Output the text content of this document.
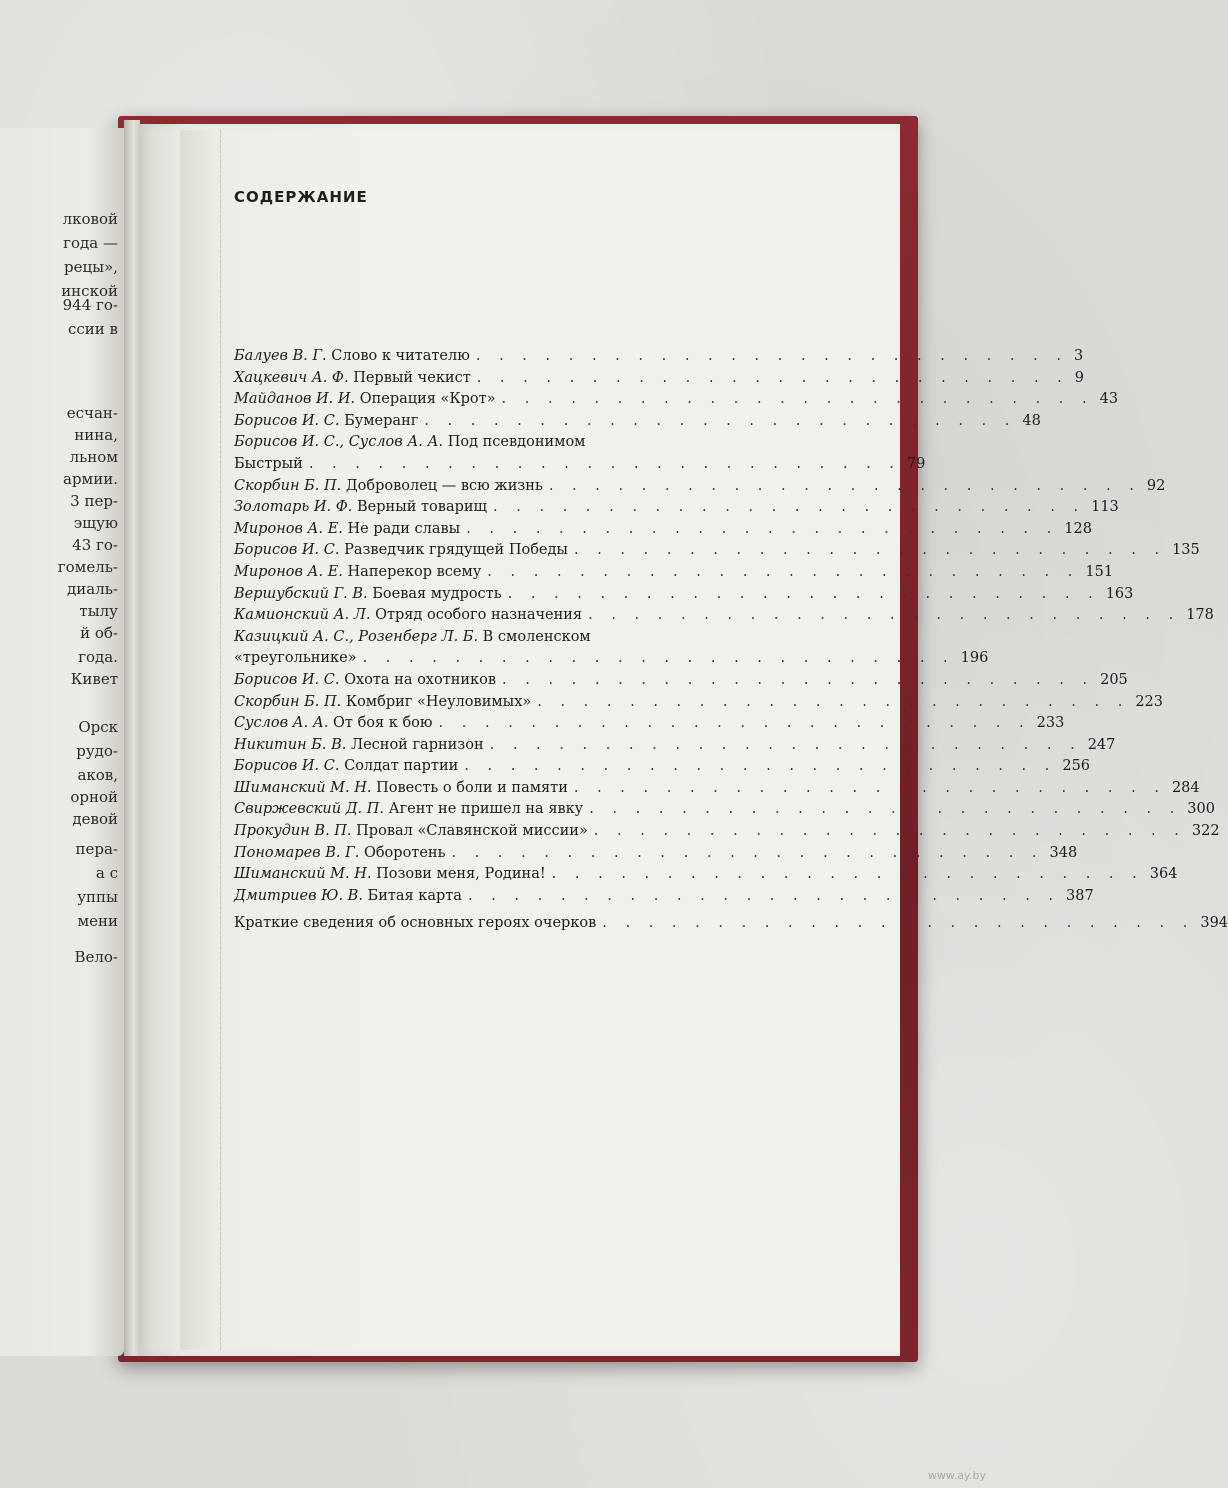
лковой
года —
рецы»,
инской
944 го-
ссии в
есчан-
нина,
льном
армии.
3 пер-
эщую
43 го-
гомель-
диаль-
тылу
й об-
года.
Кивет
Орск
рудо-
аков,
орной
девой
пера-
а с
уппы
мени
Вело-
СОДЕРЖАНИЕ
Балуев В. Г. Слово к читателю . . . . . . . . . . . . . . . . . . . . . . . . . . 3
Хацкевич А. Ф. Первый чекист . . . . . . . . . . . . . . . . . . . . . . . . . . 9
Майданов И. И. Операция «Крот» . . . . . . . . . . . . . . . . . . . . . . . . . . 43
Борисов И. С. Бумеранг . . . . . . . . . . . . . . . . . . . . . . . . . . 48
Борисов И. С., Суслов А. А. Под псевдонимом
Быстрый . . . . . . . . . . . . . . . . . . . . . . . . . . 79
Скорбин Б. П. Доброволец — всю жизнь . . . . . . . . . . . . . . . . . . . . . . . . . . 92
Золотарь И. Ф. Верный товарищ . . . . . . . . . . . . . . . . . . . . . . . . . . 113
Миронов А. Е. Не ради славы . . . . . . . . . . . . . . . . . . . . . . . . . . 128
Борисов И. С. Разведчик грядущей Победы . . . . . . . . . . . . . . . . . . . . . . . . . . 135
Миронов А. Е. Наперекор всему . . . . . . . . . . . . . . . . . . . . . . . . . . 151
Вершубский Г. В. Боевая мудрость . . . . . . . . . . . . . . . . . . . . . . . . . . 163
Камионский А. Л. Отряд особого назначения . . . . . . . . . . . . . . . . . . . . . . . . . . 178
Казицкий А. С., Розенберг Л. Б. В смоленском
«треугольнике» . . . . . . . . . . . . . . . . . . . . . . . . . . 196
Борисов И. С. Охота на охотников . . . . . . . . . . . . . . . . . . . . . . . . . . 205
Скорбин Б. П. Комбриг «Неуловимых» . . . . . . . . . . . . . . . . . . . . . . . . . . 223
Суслов А. А. От боя к бою . . . . . . . . . . . . . . . . . . . . . . . . . . 233
Никитин Б. В. Лесной гарнизон . . . . . . . . . . . . . . . . . . . . . . . . . . 247
Борисов И. С. Солдат партии . . . . . . . . . . . . . . . . . . . . . . . . . . 256
Шиманский М. Н. Повесть о боли и памяти . . . . . . . . . . . . . . . . . . . . . . . . . . 284
Свиржевский Д. П. Агент не пришел на явку . . . . . . . . . . . . . . . . . . . . . . . . . . 300
Прокудин В. П. Провал «Славянской миссии» . . . . . . . . . . . . . . . . . . . . . . . . . . 322
Пономарев В. Г. Оборотень . . . . . . . . . . . . . . . . . . . . . . . . . . 348
Шиманский М. Н. Позови меня, Родина! . . . . . . . . . . . . . . . . . . . . . . . . . . 364
Дмитриев Ю. В. Битая карта . . . . . . . . . . . . . . . . . . . . . . . . . . 387
Краткие сведения об основных героях очерков . . . . . . . . . . . . . . . . . . . . . . . . . . 394
www.ay.by
